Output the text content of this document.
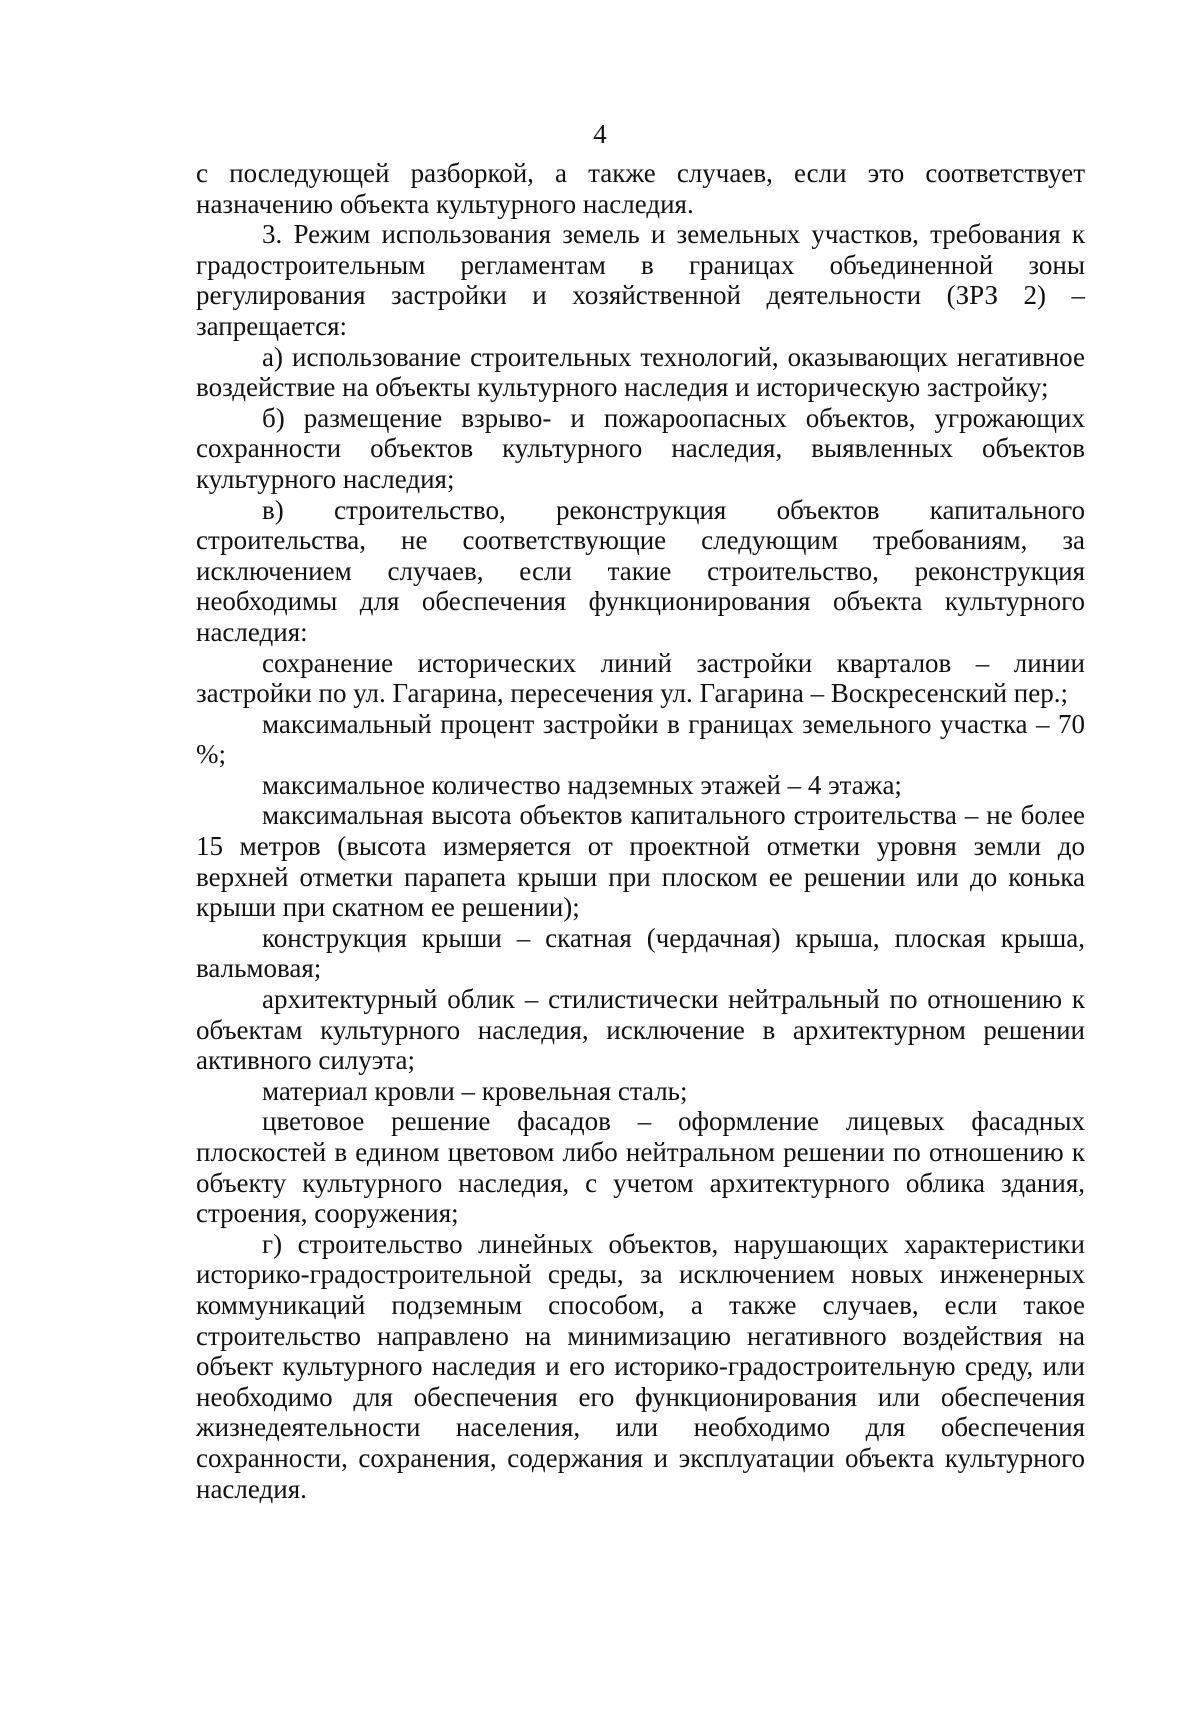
4

с последующей разборкой, а также случаев, если это соответствует назначению объекта культурного наследия.

3. Режим использования земель и земельных участков, требования к градостроительным регламентам в границах объединенной зоны регулирования застройки и хозяйственной деятельности (ЗРЗ 2) – запрещается:

а) использование строительных технологий, оказывающих негативное воздействие на объекты культурного наследия и историческую застройку;

б) размещение взрыво- и пожароопасных объектов, угрожающих сохранности объектов культурного наследия, выявленных объектов культурного наследия;

в) строительство, реконструкция объектов капитального строительства, не соответствующие следующим требованиям, за исключением случаев, если такие строительство, реконструкция необходимы для обеспечения функционирования объекта культурного наследия:

сохранение исторических линий застройки кварталов – линии застройки по ул. Гагарина, пересечения ул. Гагарина – Воскресенский пер.;

максимальный процент застройки в границах земельного участка – 70 %;

максимальное количество надземных этажей – 4 этажа;

максимальная высота объектов капитального строительства – не более 15 метров (высота измеряется от проектной отметки уровня земли до верхней отметки парапета крыши при плоском ее решении или до конька крыши при скатном ее решении);

конструкция крыши – скатная (чердачная) крыша, плоская крыша, вальмовая;

архитектурный облик – стилистически нейтральный по отношению к объектам культурного наследия, исключение в архитектурном решении активного силуэта;

материал кровли – кровельная сталь;

цветовое решение фасадов – оформление лицевых фасадных плоскостей в едином цветовом либо нейтральном решении по отношению к объекту культурного наследия, с учетом архитектурного облика здания, строения, сооружения;

г) строительство линейных объектов, нарушающих характеристики историко-градостроительной среды, за исключением новых инженерных коммуникаций подземным способом, а также случаев, если такое строительство направлено на минимизацию негативного воздействия на объект культурного наследия и его историко-градостроительную среду, или необходимо для обеспечения его функционирования или обеспечения жизнедеятельности населения, или необходимо для обеспечения сохранности, сохранения, содержания и эксплуатации объекта культурного наследия.
